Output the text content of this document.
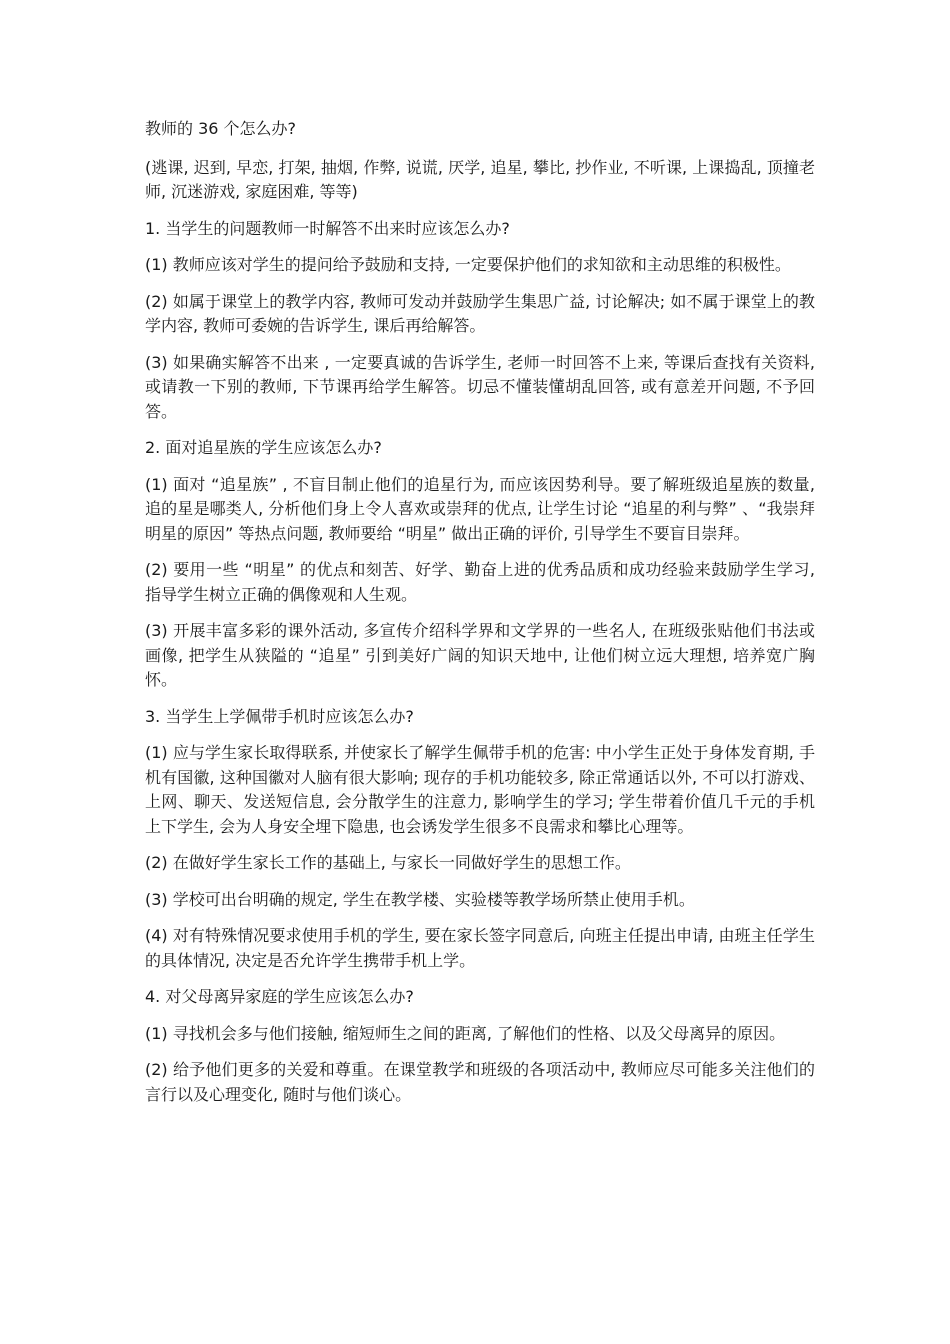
教师的 36 个怎么办?

(逃课, 迟到, 早恋, 打架, 抽烟, 作弊, 说谎, 厌学, 追星, 攀比, 抄作业, 不听课, 上课捣乱, 顶撞老师, 沉迷游戏, 家庭困难, 等等)

1. 当学生的问题教师一时解答不出来时应该怎么办?

(1) 教师应该对学生的提问给予鼓励和支持, 一定要保护他们的求知欲和主动思维的积极性。

(2) 如属于课堂上的教学内容, 教师可发动并鼓励学生集思广益, 讨论解决; 如不属于课堂上的教学内容, 教师可委婉的告诉学生, 课后再给解答。

(3) 如果确实解答不出来 , 一定要真诚的告诉学生, 老师一时回答不上来, 等课后查找有关资料, 或请教一下别的教师, 下节课再给学生解答。切忌不懂装懂胡乱回答, 或有意差开问题, 不予回答。

2. 面对追星族的学生应该怎么办?

(1) 面对 “追星族” , 不盲目制止他们的追星行为, 而应该因势利导。要了解班级追星族的数量, 追的星是哪类人, 分析他们身上令人喜欢或崇拜的优点, 让学生讨论 “追星的利与弊” 、“我崇拜明星的原因” 等热点问题, 教师要给 “明星” 做出正确的评价, 引导学生不要盲目崇拜。

(2) 要用一些 “明星” 的优点和刻苦、好学、勤奋上进的优秀品质和成功经验来鼓励学生学习, 指导学生树立正确的偶像观和人生观。

(3) 开展丰富多彩的课外活动, 多宣传介绍科学界和文学界的一些名人, 在班级张贴他们书法或画像, 把学生从狭隘的 “追星” 引到美好广阔的知识天地中, 让他们树立远大理想, 培养宽广胸怀。

3. 当学生上学佩带手机时应该怎么办?

(1) 应与学生家长取得联系, 并使家长了解学生佩带手机的危害: 中小学生正处于身体发育期, 手机有国徽, 这种国徽对人脑有很大影响; 现存的手机功能较多, 除正常通话以外, 不可以打游戏、上网、聊天、发送短信息, 会分散学生的注意力, 影响学生的学习; 学生带着价值几千元的手机上下学生, 会为人身安全埋下隐患, 也会诱发学生很多不良需求和攀比心理等。

(2) 在做好学生家长工作的基础上, 与家长一同做好学生的思想工作。

(3) 学校可出台明确的规定, 学生在教学楼、实验楼等教学场所禁止使用手机。

(4) 对有特殊情况要求使用手机的学生, 要在家长签字同意后, 向班主任提出申请, 由班主任学生的具体情况, 决定是否允许学生携带手机上学。

4. 对父母离异家庭的学生应该怎么办?

(1) 寻找机会多与他们接触, 缩短师生之间的距离, 了解他们的性格、以及父母离异的原因。

(2) 给予他们更多的关爱和尊重。在课堂教学和班级的各项活动中, 教师应尽可能多关注他们的言行以及心理变化, 随时与他们谈心。
